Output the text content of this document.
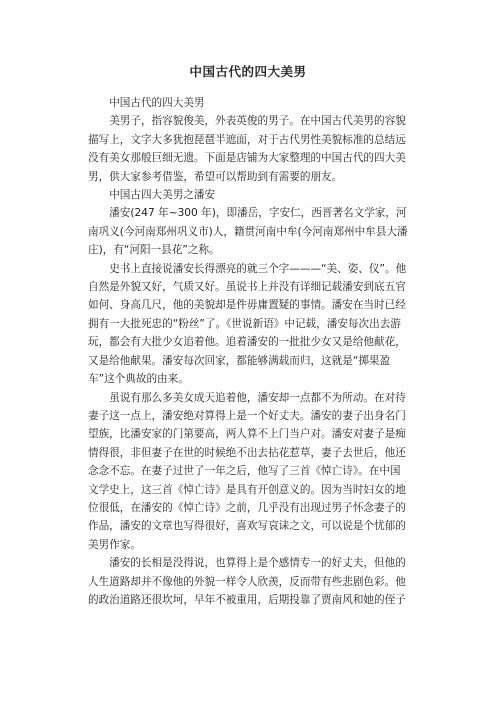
中国古代的四大美男

中国古代的四大美男

美男子，指容貌俊美，外表英俊的男子。在中国古代美男的容貌描写上，文字大多犹抱琵琶半遮面，对于古代男性美貌标准的总结远没有美女那般巨细无遗。下面是店铺为大家整理的中国古代的四大美男，供大家参考借鉴，希望可以帮助到有需要的朋友。

中国古四大美男之潘安

潘安(247 年~300 年)，即潘岳，字安仁，西晋著名文学家，河南巩义(今河南郑州巩义市)人，籍贯河南中牟(今河南郑州中牟县大潘庄)，有“河阳一县花”之称。

史书上直接说潘安长得漂亮的就三个字———“美、姿、仪”。他自然是外貌又好，气质又好。虽说书上并没有详细记载潘安到底五官如何、身高几尺，他的美貌却是件毋庸置疑的事情。潘安在当时已经拥有一大批死忠的“粉丝”了。《世说新语》中记载，潘安每次出去游玩，都会有大批少女追着他。追着潘安的一批批少女又是给他献花，又是给他献果。潘安每次回家，都能够满载而归，这就是“掷果盈车”这个典故的由来。

虽说有那么多美女成天追着他，潘安却一点都不为所动。在对待妻子这一点上，潘安绝对算得上是一个好丈夫。潘安的妻子出身名门望族，比潘安家的门第要高，两人算不上门当户对。潘安对妻子是痴情得很，非但妻子在世的时候绝不出去拈花惹草，妻子去世后，他还念念不忘。在妻子过世了一年之后，他写了三首《悼亡诗》。在中国文学史上，这三首《悼亡诗》是具有开创意义的。因为当时妇女的地位很低，在潘安的《悼亡诗》之前，几乎没有出现过男子怀念妻子的作品，潘安的文章也写得很好，喜欢写哀诔之文，可以说是个忧郁的美男作家。

潘安的长相是没得说，也算得上是个感情专一的好丈夫，但他的人生道路却并不像他的外貌一样令人欣羡，反而带有些悲剧色彩。他的政治道路还很坎坷，早年不被重用，后期投靠了贾南风和她的侄子
